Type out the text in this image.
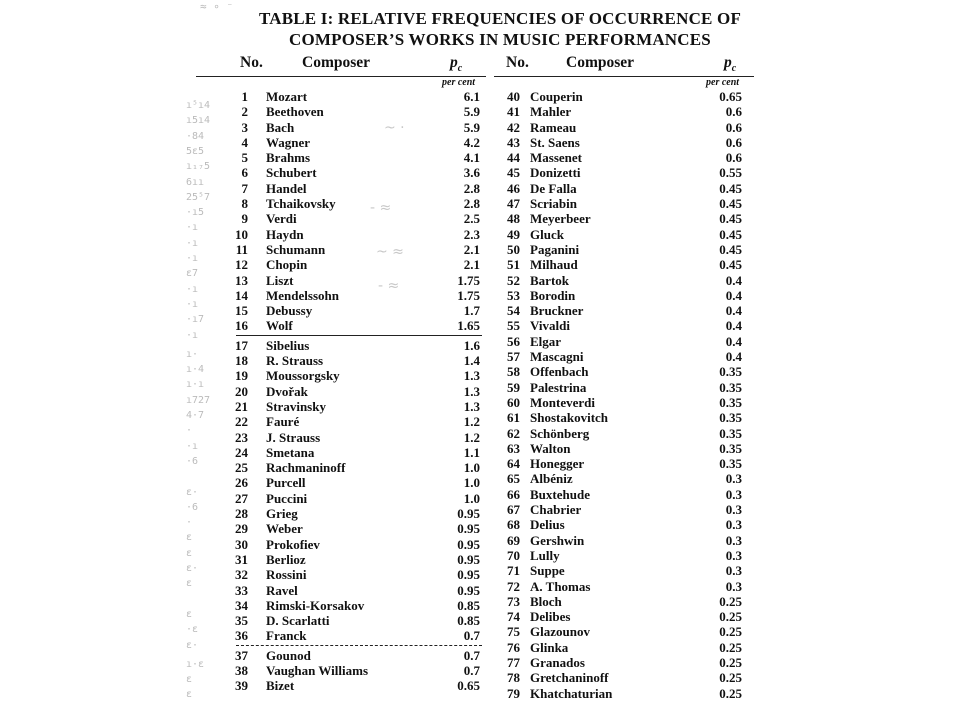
≈ ∘ ⁻
TABLE I: RELATIVE FREQUENCIES OF OCCURRENCE OF
COMPOSER’S WORKS IN MUSIC PERFORMANCES
No.	Composer	$p_c$
per cent
1 Mozart	6.1
2 Beethoven	5.9
3 Bach	5.9
4 Wagner	4.2
5 Brahms	4.1
6 Schubert	3.6
7 Handel	2.8
8 Tchaikovsky	2.8
9 Verdi	2.5
10 Haydn	2.3
11 Schumann	2.1
12 Chopin	2.1
13 Liszt	1.75
14 Mendelssohn	1.75
15 Debussy	1.7
16 Wolf	1.65
17 Sibelius	1.6
18 R. Strauss	1.4
19 Moussorgsky	1.3
20 Dvořak	1.3
21 Stravinsky	1.3
22 Fauré	1.2
23 J. Strauss	1.2
24 Smetana	1.1
25 Rachmaninoff	1.0
26 Purcell	1.0
27 Puccini	1.0
28 Grieg	0.95
29 Weber	0.95
30 Prokofiev	0.95
31 Berlioz	0.95
32 Rossini	0.95
33 Ravel	0.95
34 Rimski-Korsakov	0.85
35 D. Scarlatti	0.85
36 Franck	0.7
37 Gounod	0.7
38 Vaughan Williams	0.7
39 Bizet	0.65
No. Composer	$p_c$
per cent
40 Couperin	0.65
41 Mahler	0.6
42 Rameau	0.6
43 St. Saens	0.6
44 Massenet	0.6
45 Donizetti	0.55
46 De Falla	0.45
47 Scriabin	0.45
48 Meyerbeer	0.45
49 Gluck	0.45
50 Paganini	0.45
51 Milhaud	0.45
52 Bartok	0.4
53 Borodin	0.4
54 Bruckner	0.4
55 Vivaldi	0.4
56 Elgar	0.4
57 Mascagni	0.4
58 Offenbach	0.35
59 Palestrina	0.35
60 Monteverdi	0.35
61 Shostakovitch	0.35
62 Schönberg	0.35
63 Walton	0.35
64 Honegger	0.35
65 Albéniz	0.3
66 Buxtehude	0.3
67 Chabrier	0.3
68 Delius	0.3
69 Gershwin	0.3
70 Lully	0.3
71 Suppe	0.3
72 A. Thomas	0.3
73 Bloch	0.25
74 Delibes	0.25
75 Glazounov	0.25
76 Glinka	0.25
77 Granados	0.25
78 Gretchaninoff	0.25
79 Khatchaturian	0.25
ı⁵ı4
ı5ı4
·84
5ε5
ı₁₇5
6ıı
25⁵7
·ı5
·ı
·ı
·ı
ε7
·ı
·ı
·ı7
·ı
ı·
ı·4
ı·ı
ı727
4·7
·
·ı
·6
ε·
·6
·
ε
ε
ε·
ε
ε
·ε
ε·
ı·ε
ε
ε
~ ·
- ≈
~ ≈
- ≈
